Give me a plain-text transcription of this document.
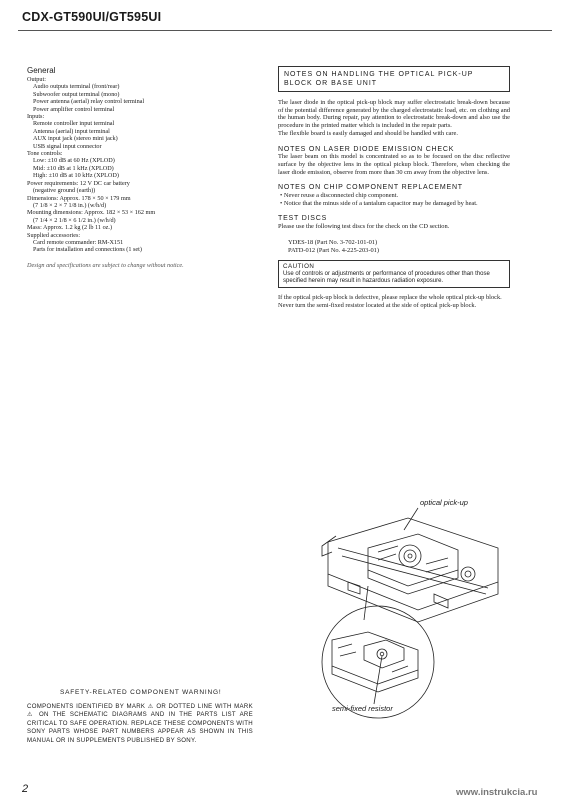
CDX-GT590UI/GT595UI
General
Output:
Audio outputs terminal (front/rear)
Subwoofer output terminal (mono)
Power antenna (aerial) relay control terminal
Power amplifier control terminal
Inputs:
Remote controller input terminal
Antenna (aerial) input terminal
AUX input jack (stereo mini jack)
USB signal input connector
Tone controls:
Low: ±10 dB at 60 Hz (XPLOD)
Mid: ±10 dB at 1 kHz (XPLOD)
High: ±10 dB at 10 kHz (XPLOD)
Power requirements: 12 V DC car battery
(negative ground (earth))
Dimensions: Approx. 178 × 50 × 179 mm
(7 1/8 × 2 × 7 1/8 in.) (w/h/d)
Mounting dimensions: Approx. 182 × 53 × 162 mm
(7 1/4 × 2 1/8 × 6 1/2 in.) (w/h/d)
Mass: Approx. 1.2 kg (2 lb 11 oz.)
Supplied accessories:
Card remote commander: RM-X151
Parts for installation and connections (1 set)
Design and specifications are subject to change without notice.
NOTES ON HANDLING THE OPTICAL PICK-UP BLOCK OR BASE UNIT
The laser diode in the optical pick-up block may suffer electrostatic break-down because of the potential difference generated by the charged electrostatic load, etc. on clothing and the human body. During repair, pay attention to electrostatic break-down and also use the procedure in the printed matter which is included in the repair parts.
The flexible board is easily damaged and should be handled with care.
NOTES ON LASER DIODE EMISSION CHECK
The laser beam on this model is concentrated so as to be focused on the disc reflective surface by the objective lens in the optical pickup block. Therefore, when checking the laser diode emission, observe from more than 30 cm away from the objective lens.
NOTES ON CHIP COMPONENT REPLACEMENT
• Never reuse a disconnected chip component.
• Notice that the minus side of a tantalum capacitor may be damaged by heat.
TEST DISCS
Please use the following test discs for the check on the CD section.
YDES-18 (Part No. 3-702-101-01)
PATD-012 (Part No. 4-225-203-01)
CAUTION
Use of controls or adjustments or performance of procedures other than those specified herein may result in hazardous radiation exposure.
If the optical pick-up block is defective, please replace the whole optical pick-up block.
Never turn the semi-fixed resistor located at the side of optical pick-up block.
optical pick-up
semi-fixed resistor
SAFETY-RELATED COMPONENT WARNING!
COMPONENTS IDENTIFIED BY MARK ⚠ OR DOTTED LINE WITH MARK ⚠ ON THE SCHEMATIC DIAGRAMS AND IN THE PARTS LIST ARE CRITICAL TO SAFE OPERATION. REPLACE THESE COMPONENTS WITH SONY PARTS WHOSE PART NUMBERS APPEAR AS SHOWN IN THIS MANUAL OR IN SUPPLEMENTS PUBLISHED BY SONY.
2	www.instrukcia.ru
